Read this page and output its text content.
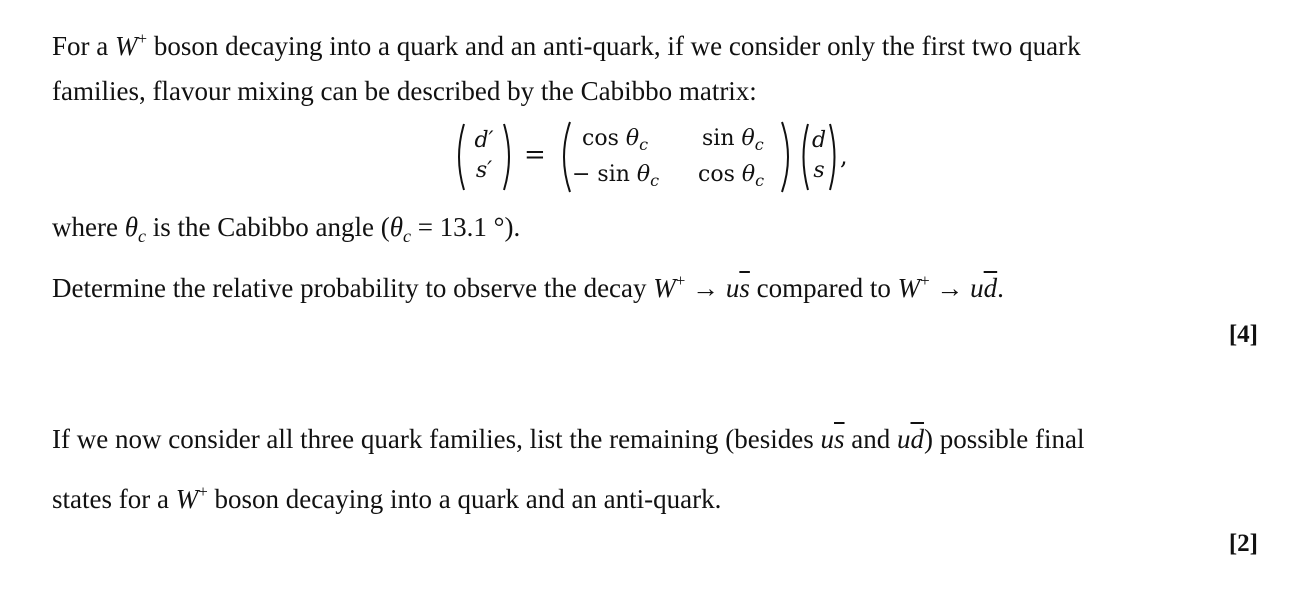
For a W+ boson decaying into a quark and an anti-quark, if we consider only the first two quark
families, flavour mixing can be described by the Cabibbo matrix:
d′
s′
=
$\cos \theta_c$ $\sin \theta_c$
− $\sin \theta_c$ $\cos \theta_c$
d
s
,
where $\theta_c$ is the Cabibbo angle ($\theta_c = 13.1$ °).
Determine the relative probability to observe the decay $W^+ \to u\overline{s}$ compared to $W^+ \to u\overline{d}$.
[4]
If we now consider all three quark families, list the remaining (besides $u\overline{s}$ and $u\overline{d}$) possible final
states for a W+ boson decaying into a quark and an anti-quark.
[2]
